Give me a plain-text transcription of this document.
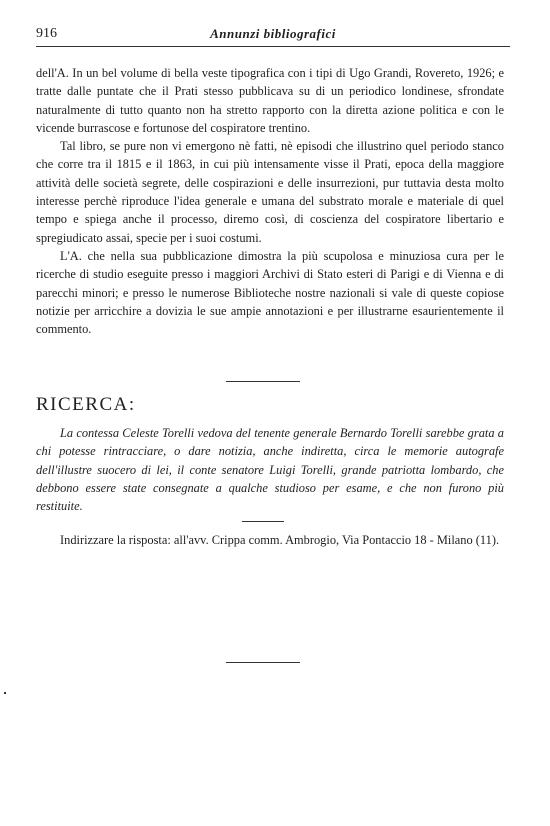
916	Annunzi bibliografici

dell'A. In un bel volume di bella veste tipografica con i tipi di Ugo Grandi, Rovereto, 1926; e tratte dalle puntate che il Prati stesso pubblicava su di un periodico londinese, sfrondate naturalmente di tutto quanto non ha stretto rapporto con la diretta azione politica e con le vicende burrascose e fortunose del cospiratore trentino.

Tal libro, se pure non vi emergono nè fatti, nè episodi che illustrino quel periodo stanco che corre tra il 1815 e il 1863, in cui più intensamente visse il Prati, epoca della maggiore attività delle società segrete, delle cospirazioni e delle insurrezioni, pur tuttavia desta molto interesse perchè riproduce l'idea generale e umana del substrato morale e materiale di quel tempo e spiega anche il processo, diremo così, di coscienza del cospiratore libertario e spregiudicato assai, specie per i suoi costumi.

L'A. che nella sua pubblicazione dimostra la più scupolosa e minuziosa cura per le ricerche di studio eseguite presso i maggiori Archivi di Stato esteri di Parigi e di Vienna e di parecchi minori; e presso le numerose Biblioteche nostre nazionali si vale di queste copiose notizie per arricchire a dovizia le sue ampie annotazioni e per illustrarne esaurientemente il commento.

RICERCA:

La contessa Celeste Torelli vedova del tenente generale Bernardo Torelli sarebbe grata a chi potesse rintracciare, o dare notizia, anche indiretta, circa le memorie autografe dell'illustre suocero di lei, il conte senatore Luigi Torelli, grande patriotta lombardo, che debbono essere state consegnate a qualche studioso per esame, e che non furono più restituite.

Indirizzare la risposta: all'avv. Crippa comm. Ambrogio, Via Pontaccio 18 - Milano (11).
